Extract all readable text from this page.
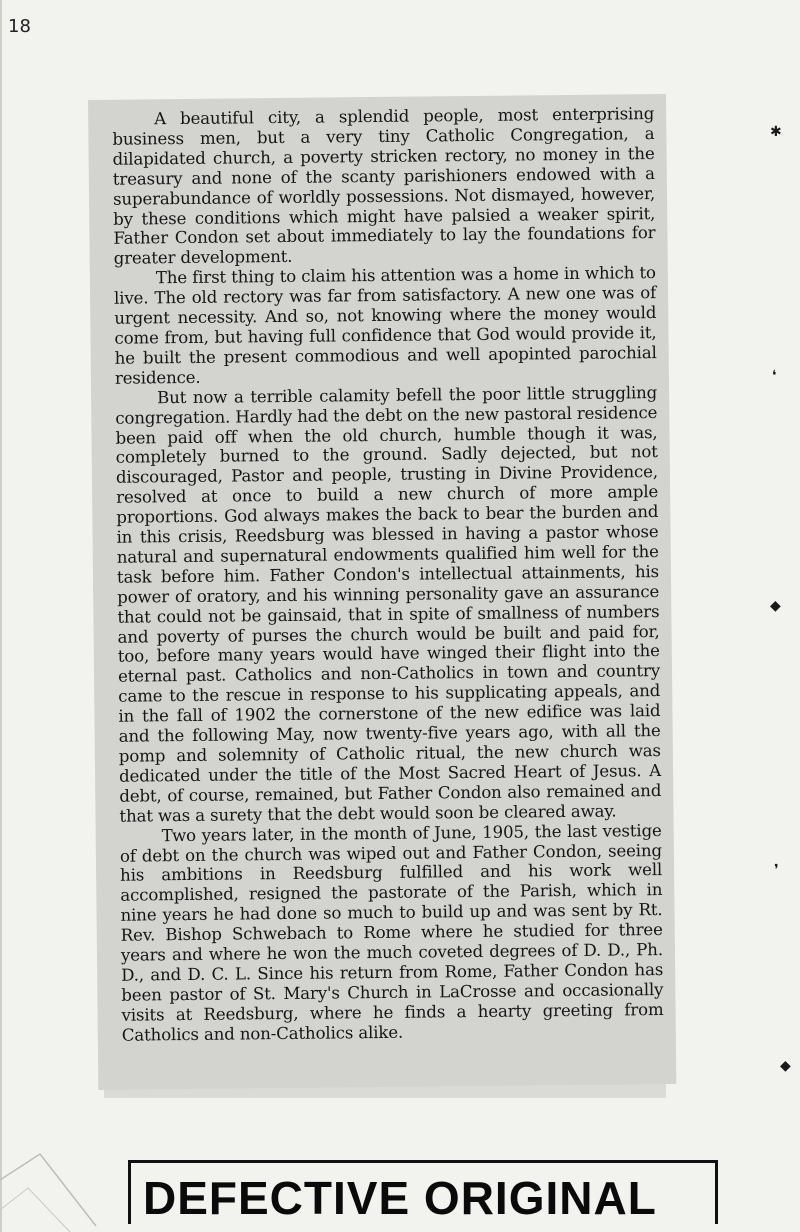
18

A beautiful city, a splendid people, most enterprising business men, but a very tiny Catholic Congregation, a dilapidated church, a poverty stricken rectory, no money in the treasury and none of the scanty parishioners endowed with a superabundance of worldly possessions. Not dismayed, however, by these conditions which might have palsied a weaker spirit, Father Condon set about immediately to lay the foundations for greater development.

The first thing to claim his attention was a home in which to live. The old rectory was far from satisfactory. A new one was of urgent necessity. And so, not knowing where the money would come from, but having full confidence that God would provide it, he built the present commodious and well apopinted parochial residence.

But now a terrible calamity befell the poor little struggling congregation. Hardly had the debt on the new pastoral residence been paid off when the old church, humble though it was, completely burned to the ground. Sadly dejected, but not discouraged, Pastor and people, trusting in Divine Providence, resolved at once to build a new church of more ample proportions. God always makes the back to bear the burden and in this crisis, Reedsburg was blessed in having a pastor whose natural and supernatural endowments qualified him well for the task before him. Father Condon's intellectual attainments, his power of oratory, and his winning personality gave an assurance that could not be gainsaid, that in spite of smallness of numbers and poverty of purses the church would be built and paid for, too, before many years would have winged their flight into the eternal past. Catholics and non-Catholics in town and country came to the rescue in response to his supplicating appeals, and in the fall of 1902 the cornerstone of the new edifice was laid and the following May, now twenty-five years ago, with all the pomp and solemnity of Catholic ritual, the new church was dedicated under the title of the Most Sacred Heart of Jesus. A debt, of course, remained, but Father Condon also remained and that was a surety that the debt would soon be cleared away.

Two years later, in the month of June, 1905, the last vestige of debt on the church was wiped out and Father Condon, seeing his ambitions in Reedsburg fulfilled and his work well accomplished, resigned the pastorate of the Parish, which in nine years he had done so much to build up and was sent by Rt. Rev. Bishop Schwebach to Rome where he studied for three years and where he won the much coveted degrees of D. D., Ph. D., and D. C. L. Since his return from Rome, Father Condon has been pastor of St. Mary's Church in LaCrosse and occasionally visits at Reedsburg, where he finds a hearty greeting from Catholics and non-Catholics alike.

✱
❛
◆
❜
◆
DEFECTIVE ORIGINAL
